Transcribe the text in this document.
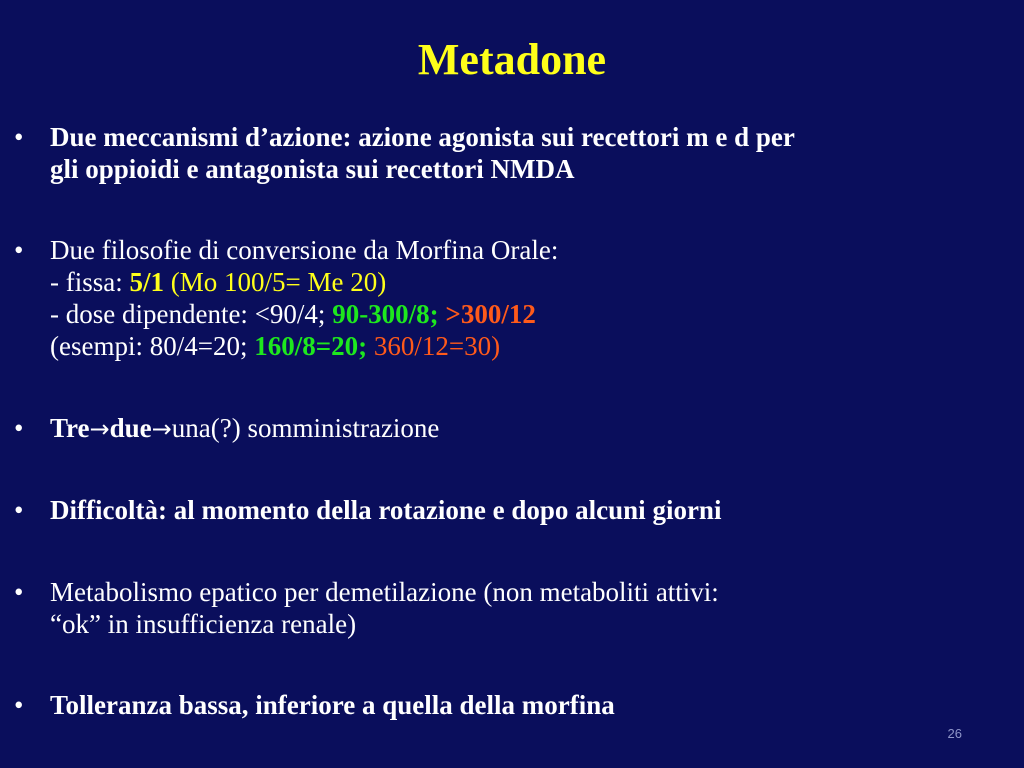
Metadone
• Due meccanismi d’azione: azione agonista sui recettori m e d per
gli oppioidi e antagonista sui recettori NMDA
• Due filosofie di conversione da Morfina Orale:
- fissa: 5/1 (Mo 100/5= Me 20)
- dose dipendente: <90/4; 90-300/8; >300/12
(esempi: 80/4=20; 160/8=20; 360/12=30)
• Tre→due→una(?) somministrazione
• Difficoltà: al momento della rotazione e dopo alcuni giorni
• Metabolismo epatico per demetilazione (non metaboliti attivi:
“ok” in insufficienza renale)
• Tolleranza bassa, inferiore a quella della morfina
26
